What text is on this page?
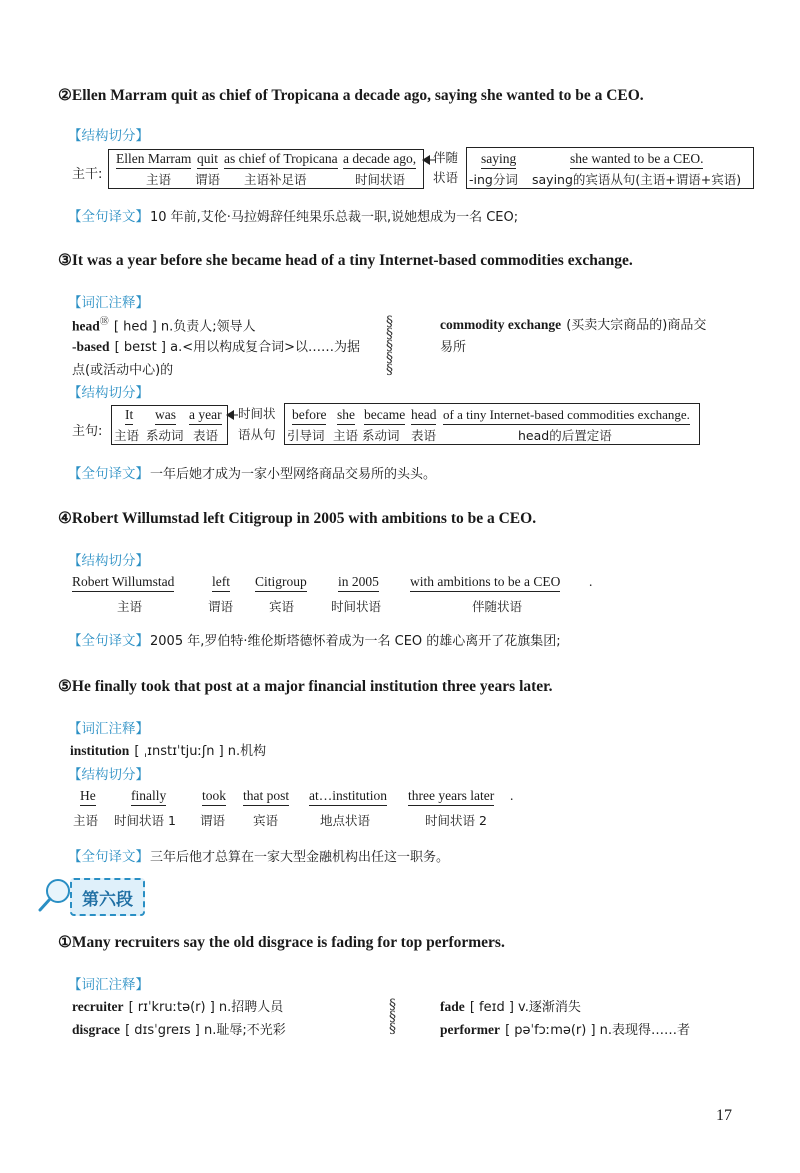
②Ellen Marram quit as chief of Tropicana a decade ago, saying she wanted to be a CEO.
【结构切分】
主干:
Ellen Marram
主语
quit
谓语
as chief of Tropicana
主语补足语
a decade ago,
时间状语
伴随
状语
saying
-ing分词
she wanted to be a CEO.
saying的宾语从句(主语+谓语+宾语)
【全句译文】 10 年前,艾伦·马拉姆辞任纯果乐总裁一职,说她想成为一名 CEO;
③It was a year before she became head of a tiny Internet-based commodities exchange.
【词汇注释】
head⑱ [ hed ] n.负责人;领导人
-based [ beɪst ] a.<用以构成复合词>以……为据
点(或活动中心)的
§
§
§
§
§
commodity exchange (买卖大宗商品的)商品交
易所
【结构切分】
主句:
It
主语
was
系动词
a year
表语
时间状
语从句
before
引导词
she
主语
became
系动词
head
表语
of a tiny Internet-based commodities exchange.
head的后置定语
【全句译文】 一年后她才成为一家小型网络商品交易所的头头。
④Robert Willumstad left Citigroup in 2005 with ambitions to be a CEO.
【结构切分】
Robert Willumstad
主语
left
谓语
Citigroup
宾语
in 2005
时间状语
with ambitions to be a CEO .
伴随状语
【全句译文】 2005 年,罗伯特·维伦斯塔德怀着成为一名 CEO 的雄心离开了花旗集团;
⑤He finally took that post at a major financial institution three years later.
【词汇注释】
institution [ ˌɪnstɪˈtjuːʃn ] n.机构
【结构切分】
He
主语
finally
时间状语 1
took
谓语
that post
宾语
at…institution
地点状语
three years later .
时间状语 2
【全句译文】 三年后他才总算在一家大型金融机构出任这一职务。
第六段
①Many recruiters say the old disgrace is fading for top performers.
【词汇注释】
recruiter [ rɪˈkruːtə(r) ] n.招聘人员
disgrace [ dɪsˈgreɪs ] n.耻辱;不光彩
§
§
§
fade [ feɪd ] v.逐渐消失
performer [ pəˈfɔːmə(r) ] n.表现得……者
17
